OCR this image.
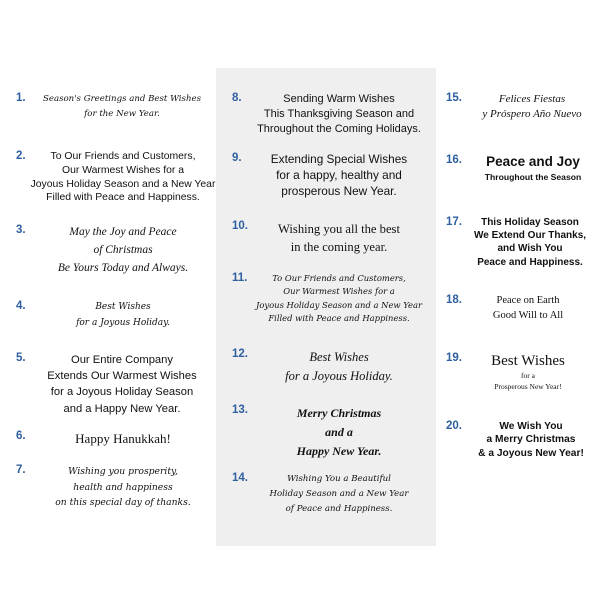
1.	Season's Greetings and Best Wishes
for the New Year.
2.	To Our Friends and Customers,
Our Warmest Wishes for a
Joyous Holiday Season and a New Year
Filled with Peace and Happiness.
3.	May the Joy and Peace
of Christmas
Be Yours Today and Always.
4.	Best Wishes
for a Joyous Holiday.
5.	Our Entire Company
Extends Our Warmest Wishes
for a Joyous Holiday Season
and a Happy New Year.
6.	Happy Hanukkah!
7.	Wishing you prosperity,
health and happiness
on this special day of thanks.
8.	Sending Warm Wishes
This Thanksgiving Season and
Throughout the Coming Holidays.
9.	Extending Special Wishes
for a happy, healthy and
prosperous New Year.
10.	Wishing you all the best
in the coming year.
11.	To Our Friends and Customers,
Our Warmest Wishes for a
Joyous Holiday Season and a New Year
Filled with Peace and Happiness.
12.	Best Wishes
for a Joyous Holiday.
13.	Merry Christmas
and a
Happy New Year.
14.	Wishing You a Beautiful
Holiday Season and a New Year
of Peace and Happiness.
15.	Felices Fiestas
y Próspero Año Nuevo
16.	Peace and Joy
Throughout the Season
17.	This Holiday Season
We Extend Our Thanks,
and Wish You
Peace and Happiness.
18.	Peace on Earth
Good Will to All
19.	Best Wishes
for a
Prosperous New Year!
20.	We Wish You
a Merry Christmas
& a Joyous New Year!
